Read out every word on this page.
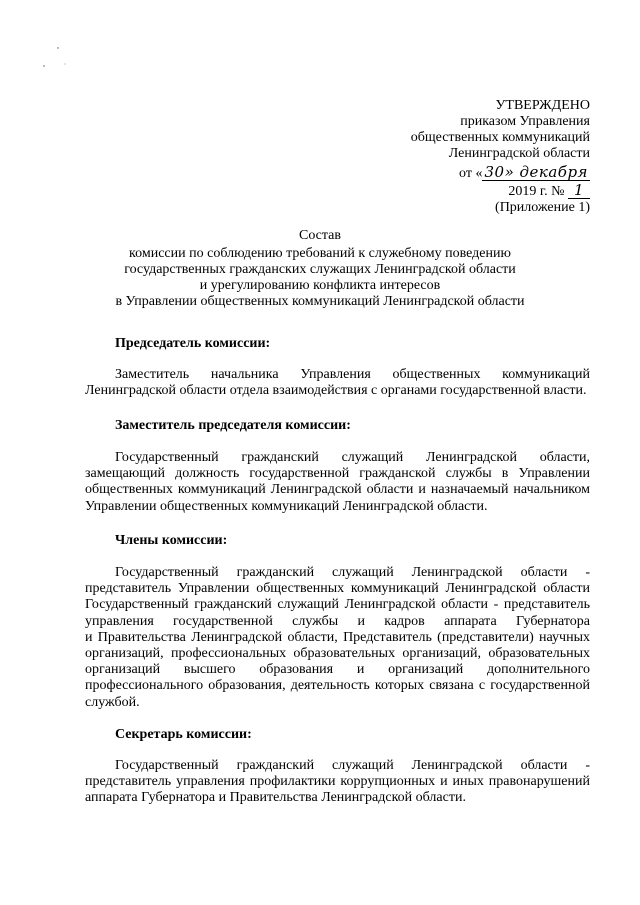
УТВЕРЖДЕНО
приказом Управления
общественных коммуникаций
Ленинградской области
от « 30» декабря
2019 г. № 1
(Приложение 1)
Состав
комиссии по соблюдению требований к служебному поведению
государственных гражданских служащих Ленинградской области
и урегулированию конфликта интересов
в Управлении общественных коммуникаций Ленинградской области
Председатель комиссии:
Заместитель начальника Управления общественных коммуникаций
Ленинградской области отдела взаимодействия с органами государственной власти.
Заместитель председателя комиссии:
Государственный гражданский служащий Ленинградской области,
замещающий должность государственной гражданской службы в Управлении
общественных коммуникаций Ленинградской области и назначаемый начальником
Управлении общественных коммуникаций Ленинградской области.
Члены комиссии:
Государственный гражданский служащий Ленинградской области -
представитель Управлении общественных коммуникаций Ленинградской области
Государственный гражданский служащий Ленинградской области - представитель
управления государственной службы и кадров аппарата Губернатора
и Правительства Ленинградской области, Представитель (представители) научных
организаций, профессиональных образовательных организаций, образовательных
организаций высшего образования и организаций дополнительного
профессионального образования, деятельность которых связана с государственной
службой.
Секретарь комиссии:
Государственный гражданский служащий Ленинградской области -
представитель управления профилактики коррупционных и иных правонарушений
аппарата Губернатора и Правительства Ленинградской области.
